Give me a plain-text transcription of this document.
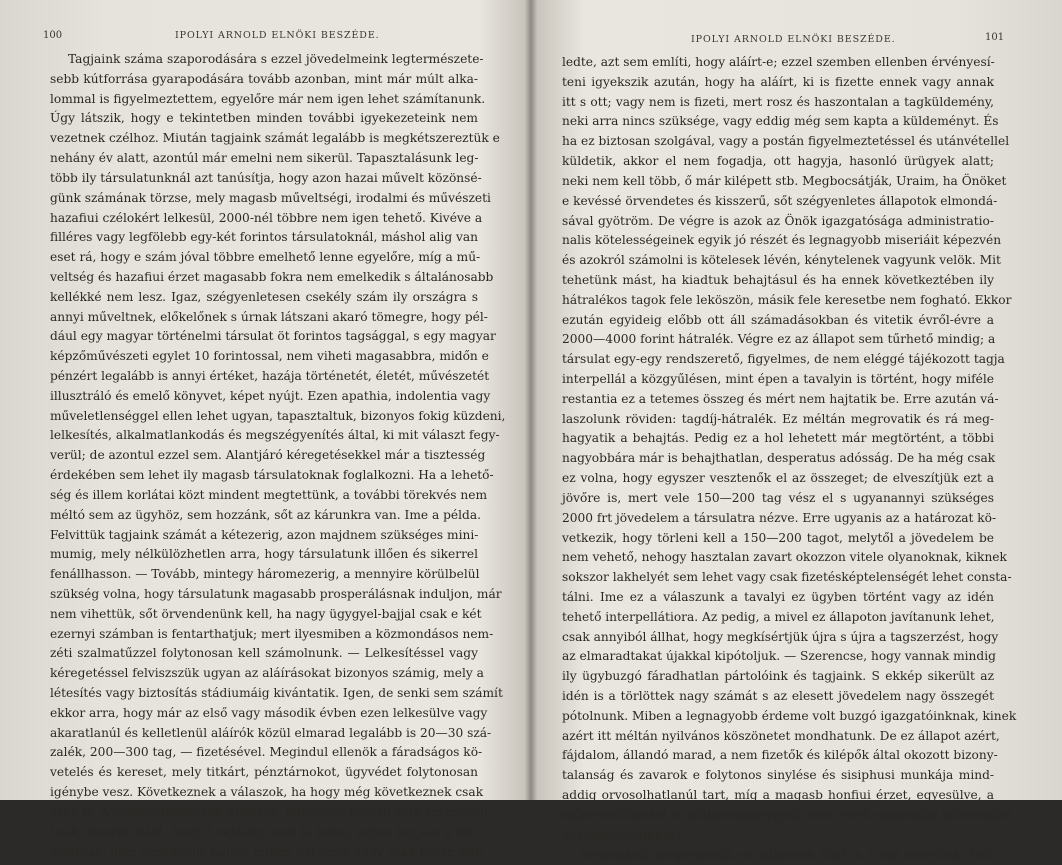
100	IPOLYI ARNOLD ELNÖKI BESZÉDE.
Tagjaink száma szaporodására s ezzel jövedelmeink legtermészete-
sebb kútforrása gyarapodására tovább azonban, mint már múlt alka-
lommal is figyelmeztettem, egyelőre már nem igen lehet számítanunk.
Úgy látszik, hogy e tekintetben minden további igyekezeteink nem
vezetnek czélhoz. Miután tagjaink számát legalább is megkétszereztük e
nehány év alatt, azontúl már emelni nem sikerül. Tapasztalásunk leg-
több ily társulatunknál azt tanúsítja, hogy azon hazai művelt közönsé-
günk számának törzse, mely magasb műveltségi, irodalmi és művészeti
hazafiui czélokért lelkesül, 2000-nél többre nem igen tehető. Kivéve a
filléres vagy legfölebb egy-két forintos társulatoknál, máshol alig van
eset rá, hogy e szám jóval többre emelhető lenne egyelőre, míg a mű-
veltség és hazafiui érzet magasabb fokra nem emelkedik s általánosabb
kellékké nem lesz. Igaz, szégyenletesen csekély szám ily országra s
annyi műveltnek, előkelőnek s úrnak látszani akaró tömegre, hogy pél-
dául egy magyar történelmi társulat öt forintos tagsággal, s egy magyar
képzőművészeti egylet 10 forintossal, nem viheti magasabbra, midőn e
pénzért legalább is annyi értéket, hazája történetét, életét, művészetét
illusztráló és emelő könyvet, képet nyújt. Ezen apathia, indolentia vagy
műveletlenséggel ellen lehet ugyan, tapasztaltuk, bizonyos fokig küzdeni,
lelkesítés, alkalmatlankodás és megszégyenítés által, ki mit választ fegy-
verül; de azontul ezzel sem. Alantjáró kéregetésekkel már a tisztesség
érdekében sem lehet ily magasb társulatoknak foglalkozni. Ha a lehető-
ség és illem korlátai közt mindent megtettünk, a további törekvés nem
méltó sem az ügyhöz, sem hozzánk, sőt az kárunkra van. Ime a példa.
Felvittük tagjaink számát a kétezerig, azon majdnem szükséges mini-
mumig, mely nélkülözhetlen arra, hogy társulatunk illően és sikerrel
fenállhasson. — Tovább, mintegy háromezerig, a mennyire körülbelül
szükség volna, hogy társulatunk magasabb prosperálásnak induljon, már
nem vihettük, sőt örvendenünk kell, ha nagy ügygyel-bajjal csak e két
ezernyi számban is fentarthatjuk; mert ilyesmiben a közmondásos nem-
zéti szalmatűzzel folytonosan kell számolnunk. — Lelkesítéssel vagy
kéregetéssel felviszszük ugyan az aláírásokat bizonyos számig, mely a
létesítés vagy biztosítás stádiumáig kivántatik. Igen, de senki sem számít
ekkor arra, hogy már az első vagy második évben ezen lelkesülve vagy
akaratlanúl és kelletlenül aláírók közül elmarad legalább is 20—30 szá-
zalék, 200—300 tag, — fizetésével. Megindul ellenök a fáradságos kö-
vetelés és kereset, mely titkárt, pénztárnokot, ügyvédet folytonosan
igénybe vesz. Következnek a válaszok, ha hogy még következnek csak
ezek is, A legnevetségesebb ürügyek, kifogások hosszú sora érvényesít-
tetik, kezdve attól, hogy ő sajátlag nem is tudja, vajjon tagja-e a tár-
sulatnak, nem emlékezik, mikor, mikép lett azzá; vagy csak régen elfe-
IPOLYI ARNOLD ELNÖKI BESZÉDE.	101
ledte, azt sem említi, hogy aláírt-e; ezzel szemben ellenben érvényesí-
teni igyekszik azután, hogy ha aláírt, ki is fizette ennek vagy annak
itt s ott; vagy nem is fizeti, mert rosz és haszontalan a tagküldemény,
neki arra nincs szüksége, vagy eddig még sem kapta a küldeményt. És
ha ez biztosan szolgával, vagy a postán figyelmeztetéssel és utánvétellel
küldetik, akkor el nem fogadja, ott hagyja, hasonló ürügyek alatt;
neki nem kell több, ő már kilépett stb. Megbocsátják, Uraim, ha Önöket
e kevéssé örvendetes és kisszerű, sőt szégyenletes állapotok elmondá-
sával gyötröm. De végre is azok az Önök igazgatósága administratio-
nalis kötelességeinek egyik jó részét és legnagyobb miseriáit képezvén
és azokról számolni is kötelesek lévén, kénytelenek vagyunk velök. Mit
tehetünk mást, ha kiadtuk behajtásul és ha ennek következtében ily
hátralékos tagok fele leköszön, másik fele keresetbe nem fogható. Ekkor
ezután egyideig előbb ott áll számadásokban és vitetik évről-évre a
2000—4000 forint hátralék. Végre ez az állapot sem tűrhető mindig; a
társulat egy-egy rendszerető, figyelmes, de nem eléggé tájékozott tagja
interpellál a közgyűlésen, mint épen a tavalyin is történt, hogy miféle
restantia ez a tetemes összeg és mért nem hajtatik be. Erre azután vá-
laszolunk röviden: tagdíj-hátralék. Ez méltán megrovatik és rá meg-
hagyatik a behajtás. Pedig ez a hol lehetett már megtörtént, a többi
nagyobbára már is behajthatlan, desperatus adósság. De ha még csak
ez volna, hogy egyszer vesztenők el az összeget; de elveszítjük ezt a
jövőre is, mert vele 150—200 tag vész el s ugyanannyi szükséges
2000 frt jövedelem a társulatra nézve. Erre ugyanis az a határozat kö-
vetkezik, hogy törleni kell a 150—200 tagot, melytől a jövedelem be
nem vehető, nehogy hasztalan zavart okozzon vitele olyanoknak, kiknek
sokszor lakhelyét sem lehet vagy csak fizetésképtelenségét lehet consta-
tálni. Ime ez a válaszunk a tavalyi ez ügyben történt vagy az idén
tehető interpellátiora. Az pedig, a mivel ez állapoton javítanunk lehet,
csak annyiból állhat, hogy megkísértjük újra s újra a tagszerzést, hogy
az elmaradtakat újakkal kipótoljuk. — Szerencse, hogy vannak mindig
ily ügybuzgó fáradhatlan pártolóink és tagjaink. S ekkép sikerült az
idén is a törlöttek nagy számát s az elesett jövedelem nagy összegét
pótolnunk. Miben a legnagyobb érdeme volt buzgó igazgatóinknak, kinek
azért itt méltán nyilvános köszönetet mondhatunk. De ez állapot azért,
fájdalom, állandó marad, a nem fizetők és kilépők által okozott bizony-
talanság és zavarok e folytonos sinylése és sisiphusi munkája mind-
addig orvosolhatlanúl tart, míg a magasb honfiui érzet, egyesülve, a
műérdeklődéssel és műtanulmánynyal, nem emeli magasabb színvonalra
közműveltségünket.
Részünkről megteszszük ez állapotok közt is a mit tehetünk. Mű-
